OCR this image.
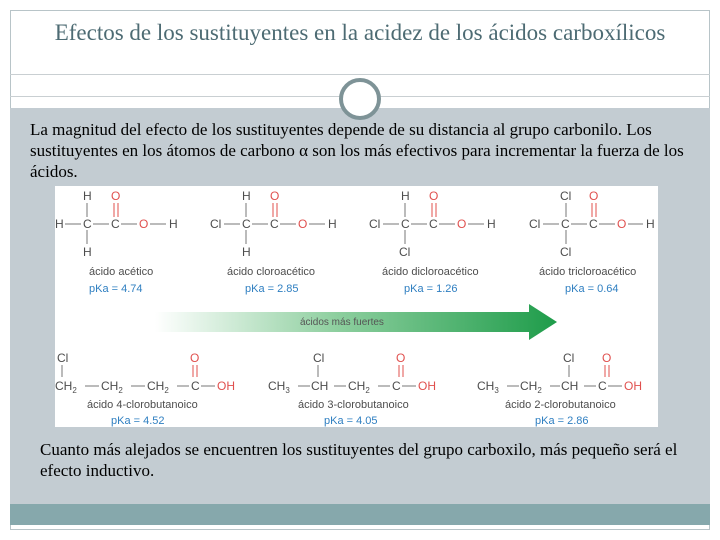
Efectos de los sustituyentes en la acidez de los ácidos carboxílicos
La magnitud del efecto de los sustituyentes depende de su distancia al grupo carbonilo. Los sustituyentes en los átomos de carbono α son los más efectivos para incrementar la fuerza de los ácidos.
H
H C
H
C
O
O H
ácido acético
pKa = 4.74
H
Cl C
H
C
O
O H
ácido cloroacético
pKa = 2.85
H
Cl C
Cl
C
O
O H
ácido dicloroacético
pKa = 1.26
Cl
Cl C
Cl
C
O
O H
ácido tricloroacético
pKa = 0.64
ácidos más fuertes
Cl
$CH_2$ $CH_2$ $CH_2$ C
O
OH
ácido 4-clorobutanoico
pKa = 4.52
Cl
$CH_3$ CH $CH_2$ C
O
OH
ácido 3-clorobutanoico
pKa = 4.05
Cl
$CH_3$ $CH_2$ CH C
O
OH
ácido 2-clorobutanoico
pKa = 2.86
Cuanto más alejados se encuentren los sustituyentes del grupo carboxilo, más pequeño será el efecto inductivo.
